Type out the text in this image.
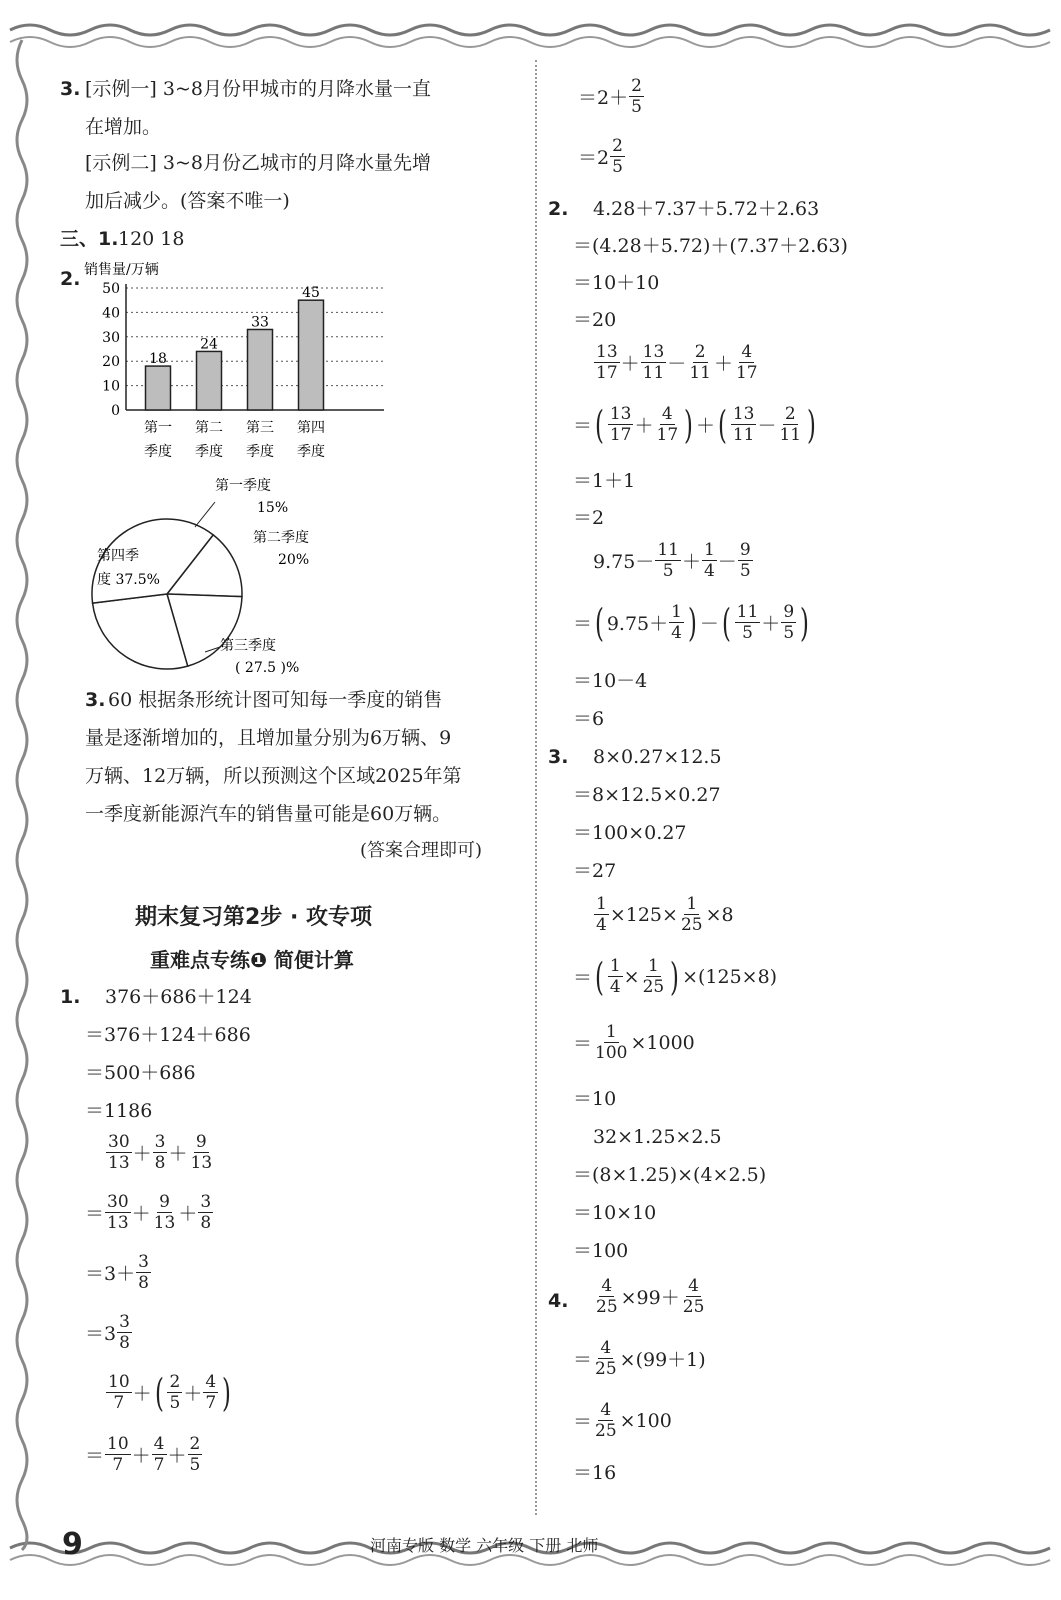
3. [示例一] 3~8月份甲城市的月降水量一直
在增加。
[示例二] 3~8月份乙城市的月降水量先增
加后减少。(答案不唯一)
三、1. 120 18
2. 销售量/万辆
0
10
20
30
40
50
18
第一
季度
24
第二
季度
33
第三
季度
45
第四
季度
第一季度
15%
第二季度
20%
第三季度
( 27.5 )%
第四季
度 37.5%
3. 60 根据条形统计图可知每一季度的销售
量是逐渐增加的，且增加量分别为6万辆、9
万辆、12万辆，所以预测这个区域2025年第
一季度新能源汽车的销售量可能是60万辆。
(答案合理即可)
期末复习第2步 · 攻专项
重难点专练❶ 简便计算
1. 376＋686＋124
＝376＋124＋686
＝500＋686
＝1186
$\frac{30}{13} + \frac{3}{8} + \frac{9}{13}$
＝ $\frac{30}{13} + \frac{9}{13} + \frac{3}{8}$
$=3+ \frac{3}{8}$
$=3 \frac{3}{8}$
$\frac{10}{7}$ ＋ ( $\frac{2}{5} + \frac{4}{7}$ )
＝ $\frac{10}{7} + \frac{4}{7} + \frac{2}{5}$
$=2+ \frac{2}{5}$
$=2 \frac{2}{5}$
2. 4.28＋7.37＋5.72＋2.63
＝(4.28＋5.72)＋(7.37＋2.63)
＝10＋10
＝20
$\frac{13}{17} + \frac{13}{11} - \frac{2}{11} + \frac{4}{17}$
＝ ( $\frac{13}{17} + \frac{4}{17}$ ) ＋ ( $\frac{13}{11} - \frac{2}{11}$ )
＝1＋1
＝2
$9.75- \frac{11}{5} + \frac{1}{4} - \frac{9}{5}$
＝ ( $9.75+ \frac{1}{4}$ ) － ( $\frac{11}{5} + \frac{9}{5}$ )
＝10－4
＝6
3. 8×0.27×12.5
＝8×12.5×0.27
＝100×0.27
＝27
$\frac{1}{4} \times 125\times \frac{1}{25} \times 8$
＝ ( $\frac{1}{4} \times \frac{1}{25}$ ) ×(125×8)
＝ $\frac{1}{100} \times 1000$
＝10
32×1.25×2.5
＝(8×1.25)×(4×2.5)
＝10×10
＝100
4. $\frac{4}{25} \times 99+ \frac{4}{25}$
＝ $\frac{4}{25} \times(99+1)$
＝ $\frac{4}{25} \times 100$
＝16
9	河南专版 数学 六年级 下册 北师
